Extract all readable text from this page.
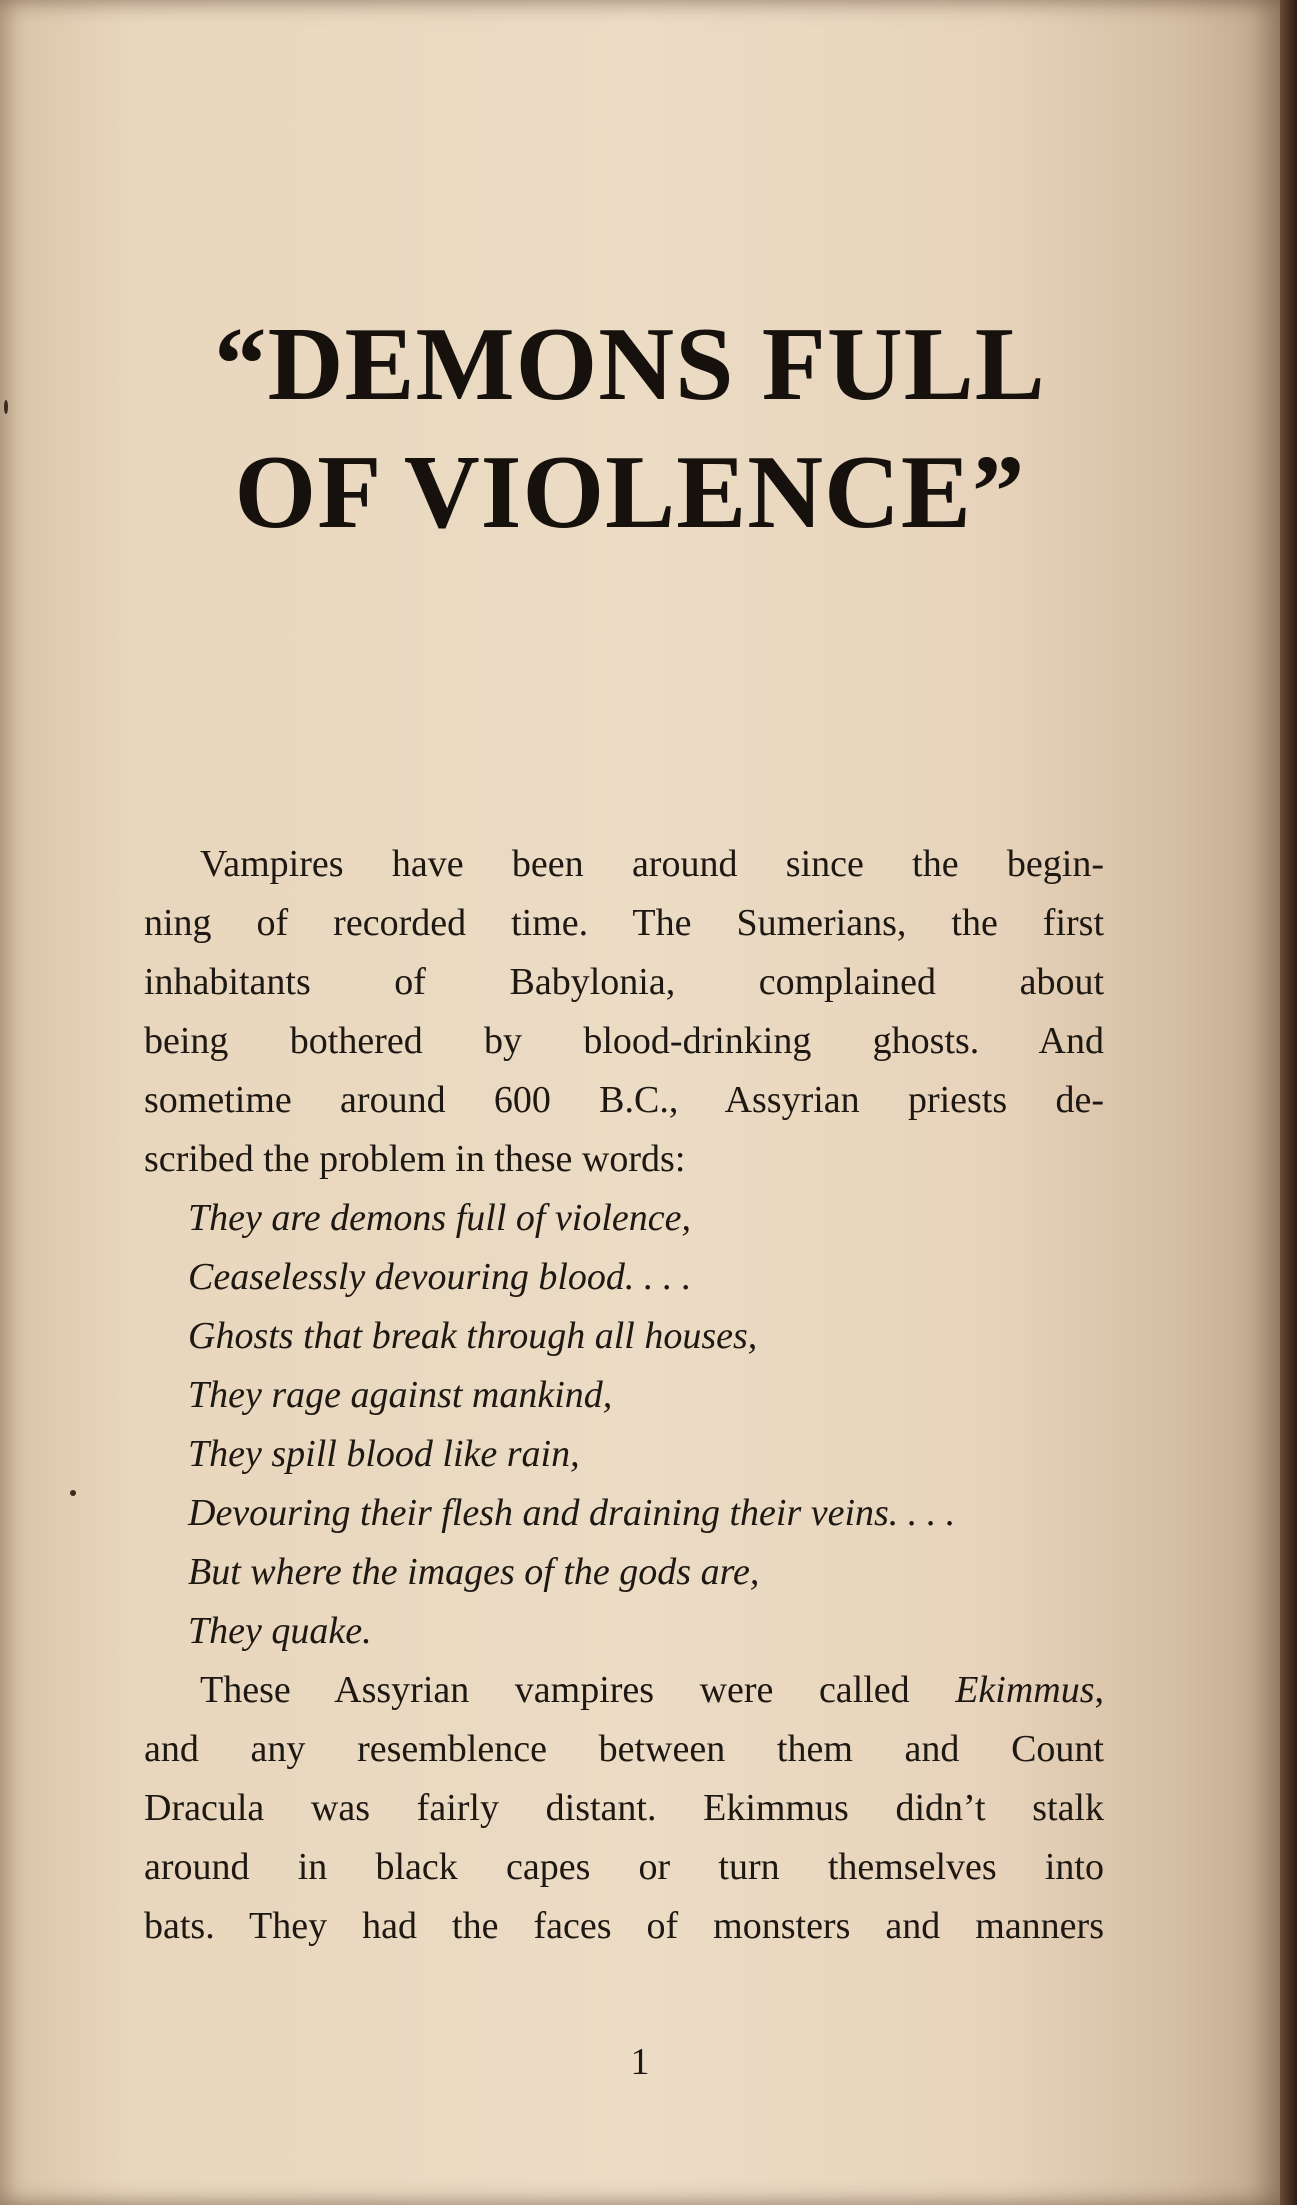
“DEMONS FULL
OF VIOLENCE”
Vampires have been around since the begin-
ning of recorded time. The Sumerians, the first
inhabitants of Babylonia, complained about
being bothered by blood-drinking ghosts. And
sometime around 600 B.C., Assyrian priests de-
scribed the problem in these words:
They are demons full of violence,
Ceaselessly devouring blood. . . .
Ghosts that break through all houses,
They rage against mankind,
They spill blood like rain,
Devouring their flesh and draining their veins. . . .
But where the images of the gods are,
They quake.
These Assyrian vampires were called Ekimmus,
and any resemblence between them and Count
Dracula was fairly distant. Ekimmus didn’t stalk
around in black capes or turn themselves into
bats. They had the faces of monsters and manners
1
